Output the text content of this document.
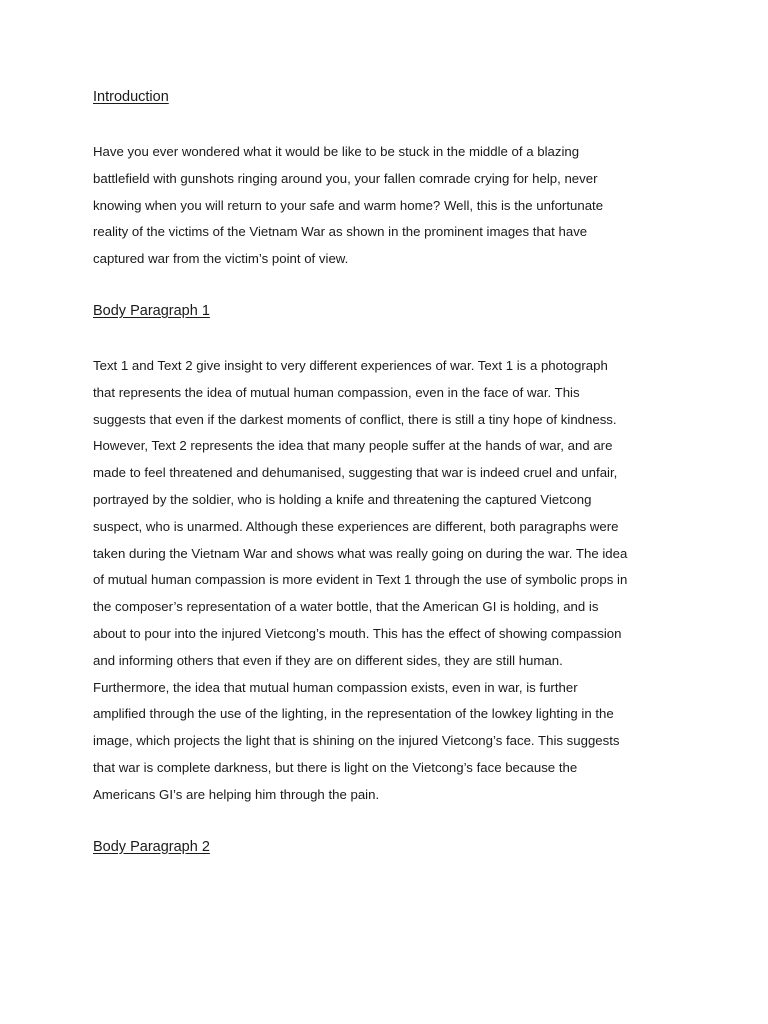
Introduction

Have you ever wondered what it would be like to be stuck in the middle of a blazing
battlefield with gunshots ringing around you, your fallen comrade crying for help, never
knowing when you will return to your safe and warm home? Well, this is the unfortunate
reality of the victims of the Vietnam War as shown in the prominent images that have
captured war from the victim’s point of view.

Body Paragraph 1

Text 1 and Text 2 give insight to very different experiences of war. Text 1 is a photograph
that represents the idea of mutual human compassion, even in the face of war. This
suggests that even if the darkest moments of conflict, there is still a tiny hope of kindness.
However, Text 2 represents the idea that many people suffer at the hands of war, and are
made to feel threatened and dehumanised, suggesting that war is indeed cruel and unfair,
portrayed by the soldier, who is holding a knife and threatening the captured Vietcong
suspect, who is unarmed. Although these experiences are different, both paragraphs were
taken during the Vietnam War and shows what was really going on during the war. The idea
of mutual human compassion is more evident in Text 1 through the use of symbolic props in
the composer’s representation of a water bottle, that the American GI is holding, and is
about to pour into the injured Vietcong’s mouth. This has the effect of showing compassion
and informing others that even if they are on different sides, they are still human.
Furthermore, the idea that mutual human compassion exists, even in war, is further
amplified through the use of the lighting, in the representation of the lowkey lighting in the
image, which projects the light that is shining on the injured Vietcong’s face. This suggests
that war is complete darkness, but there is light on the Vietcong’s face because the
Americans GI’s are helping him through the pain.

Body Paragraph 2
